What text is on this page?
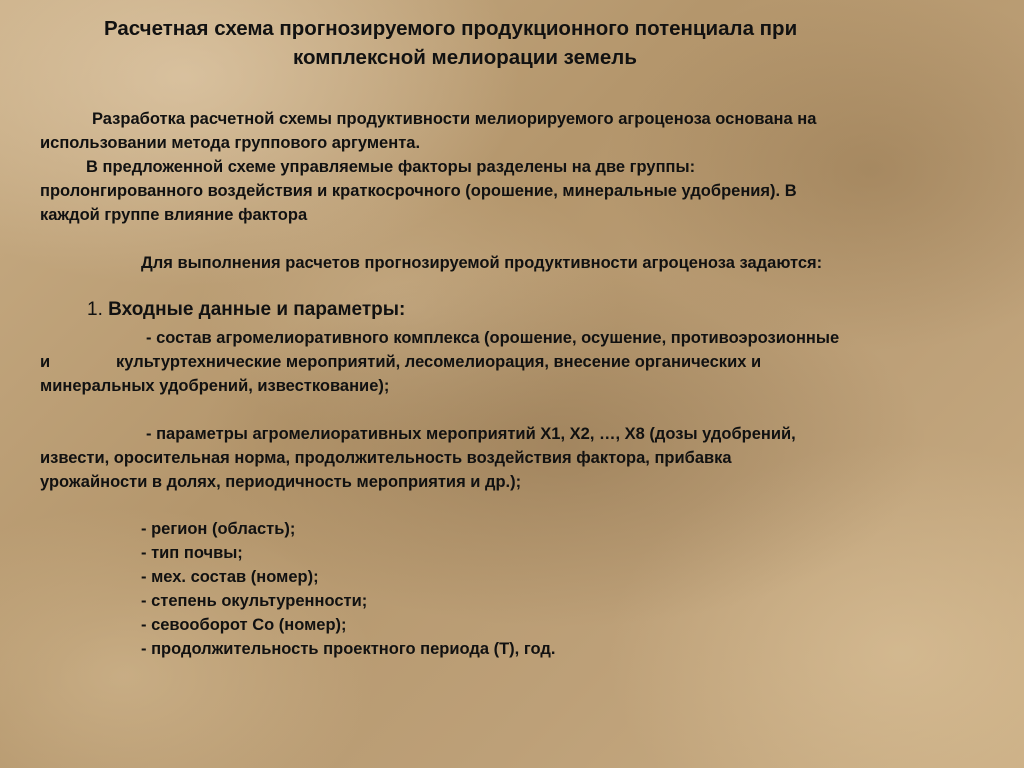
Расчетная схема прогнозируемого продукционного потенциала при
комплексной мелиорации земель
Разработка расчетной схемы продуктивности мелиорируемого агроценоза основана на
использовании метода группового аргумента.
В предложенной схеме управляемые факторы разделены на две группы:
пролонгированного воздействия и краткосрочного (орошение, минеральные удобрения). В
каждой группе влияние фактора
Для выполнения расчетов прогнозируемой продуктивности агроценоза задаются:
1. Входные данные и параметры:
- состав агромелиоративного комплекса (орошение, осушение, противоэрозионные
и	культуртехнические мероприятий, лесомелиорация, внесение органических и
минеральных удобрений, известкование);
- параметры агромелиоративных мероприятий X1, X2, …, X8 (дозы удобрений,
извести, оросительная норма, продолжительность воздействия фактора, прибавка
урожайности в долях, периодичность мероприятия и др.);
- регион (область);
- тип почвы;
- мех. состав (номер);
- степень окультуренности;
- севооборот Со (номер);
- продолжительность проектного периода (Т), год.
